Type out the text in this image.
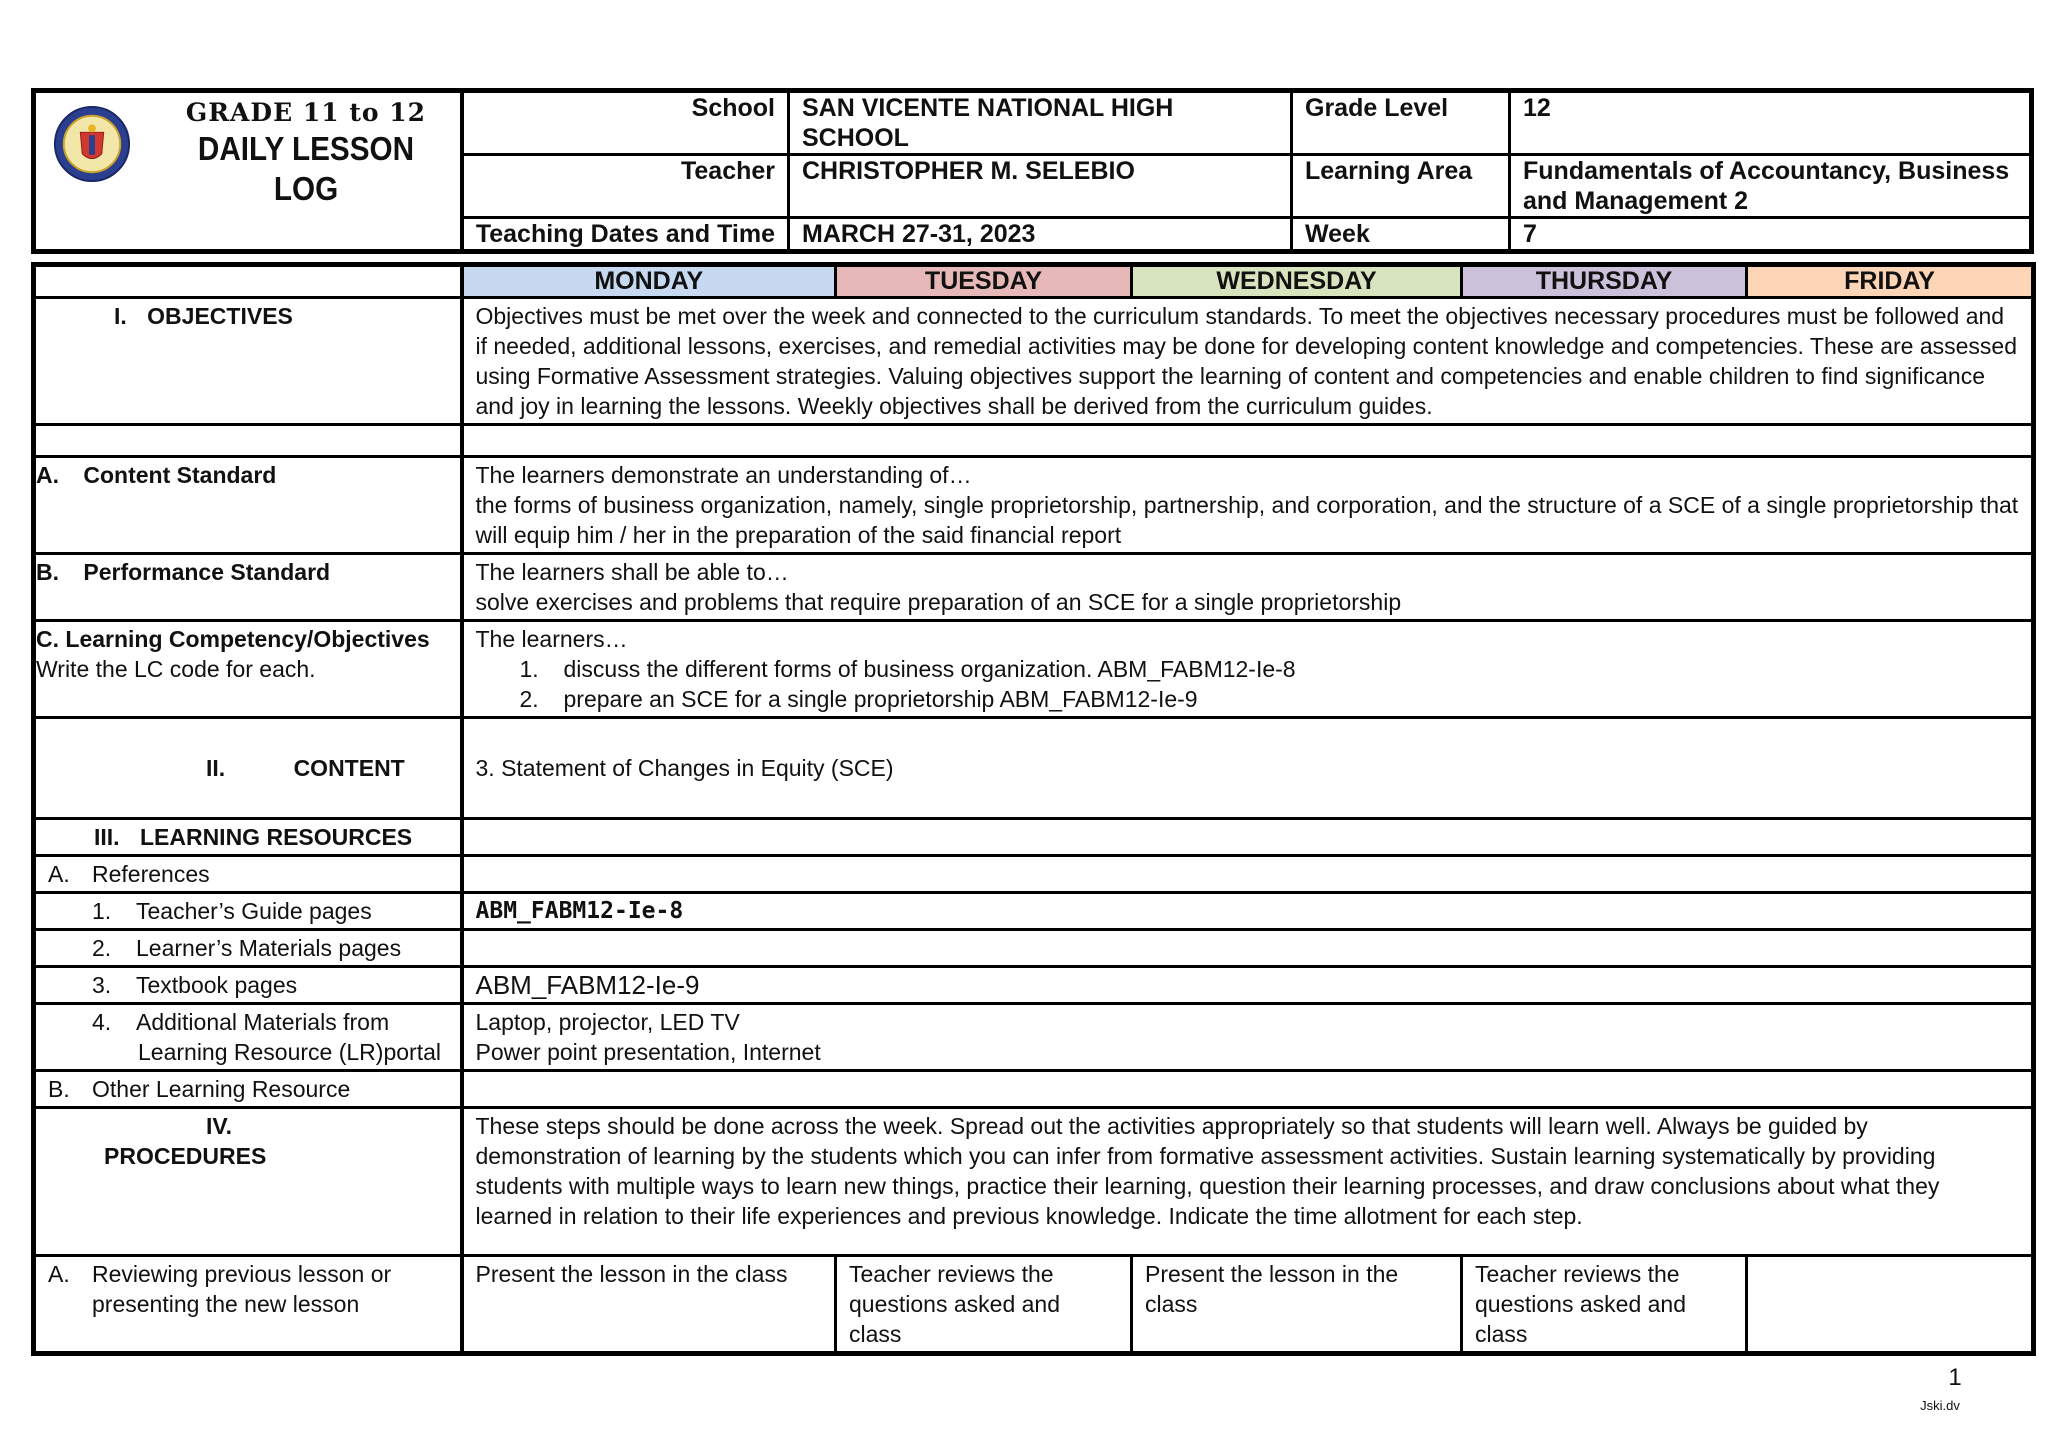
GRADE 11 to 12
DAILY LESSON LOG	School	SAN VICENTE NATIONAL HIGH SCHOOL	Grade Level	12
	Teacher	CHRISTOPHER M. SELEBIO	Learning Area	Fundamentals of Accountancy, Business and Management 2
	Teaching Dates and Time	MARCH 27-31, 2023	Week	7
	MONDAY	TUESDAY	WEDNESDAY	THURSDAY	FRIDAY
I. OBJECTIVES	Objectives must be met over the week and connected to the curriculum standards. To meet the objectives necessary procedures must be followed and if needed, additional lessons, exercises, and remedial activities may be done for developing content knowledge and competencies. These are assessed using Formative Assessment strategies. Valuing objectives support the learning of content and competencies and enable children to find significance and joy in learning the lessons. Weekly objectives shall be derived from the curriculum guides.				

A. Content Standard	The learners demonstrate an understanding of…
the forms of business organization, namely, single proprietorship, partnership, and corporation, and the structure of a SCE of a single proprietorship that will equip him / her in the preparation of the said financial report				

B. Performance Standard	The learners shall be able to…
solve exercises and problems that require preparation of an SCE for a single proprietorship				

C. Learning Competency/Objectives
Write the LC code for each.	The learners…
1. discuss the different forms of business organization. ABM_FABM12-Ie-8
2. prepare an SCE for a single proprietorship ABM_FABM12-Ie-9				

II. CONTENT	3. Statement of Changes in Equity (SCE)				
III. LEARNING RESOURCES					
A. References					
1. Teacher’s Guide pages	ABM_FABM12-Ie-8				
2. Learner’s Materials pages					
3. Textbook pages	ABM_FABM12-Ie-9				

4. Additional Materials from
Learning Resource (LR)portal	Laptop, projector, LED TV
Power point presentation, Internet				

B. Other Learning Resource					
IV. PROCEDURES	These steps should be done across the week. Spread out the activities appropriately so that students will learn well. Always be guided by demonstration of learning by the students which you can infer from formative assessment activities. Sustain learning systematically by providing students with multiple ways to learn new things, practice their learning, question their learning processes, and draw conclusions about what they learned in relation to their life experiences and previous knowledge. Indicate the time allotment for each step.				

A. Reviewing previous lesson or
presenting the new lesson	Present the lesson in the class	Teacher reviews the questions asked and class	Present the lesson in the class	Teacher reviews the questions asked and class	
1
Jski.dv
